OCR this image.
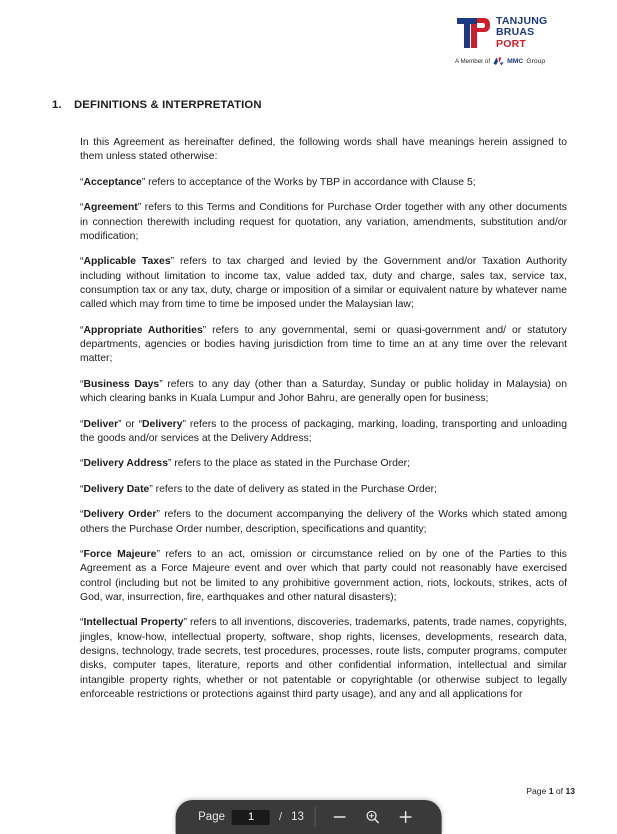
TANJUNG
BRUAS
PORT
A Member of	MMC Group
1. DEFINITIONS & INTERPRETATION

In this Agreement as hereinafter defined, the following words shall have meanings herein assigned to them unless stated otherwise:

“Acceptance” refers to acceptance of the Works by TBP in accordance with Clause 5;

“Agreement” refers to this Terms and Conditions for Purchase Order together with any other documents in connection therewith including request for quotation, any variation, amendments, substitution and/or modification;

“Applicable Taxes” refers to tax charged and levied by the Government and/or Taxation Authority including without limitation to income tax, value added tax, duty and charge, sales tax, service tax, consumption tax or any tax, duty, charge or imposition of a similar or equivalent nature by whatever name called which may from time to time be imposed under the Malaysian law;

“Appropriate Authorities” refers to any governmental, semi or quasi-government and/ or statutory departments, agencies or bodies having jurisdiction from time to time an at any time over the relevant matter;

“Business Days” refers to any day (other than a Saturday, Sunday or public holiday in Malaysia) on which clearing banks in Kuala Lumpur and Johor Bahru, are generally open for business;

“Deliver” or “Delivery” refers to the process of packaging, marking, loading, transporting and unloading the goods and/or services at the Delivery Address;

“Delivery Address” refers to the place as stated in the Purchase Order;

“Delivery Date” refers to the date of delivery as stated in the Purchase Order;

“Delivery Order” refers to the document accompanying the delivery of the Works which stated among others the Purchase Order number, description, specifications and quantity;

“Force Majeure” refers to an act, omission or circumstance relied on by one of the Parties to this Agreement as a Force Majeure event and over which that party could not reasonably have exercised control (including but not be limited to any prohibitive government action, riots, lockouts, strikes, acts of God, war, insurrection, fire, earthquakes and other natural disasters);

“Intellectual Property” refers to all inventions, discoveries, trademarks, patents, trade names, copyrights, jingles, know-how, intellectual property, software, shop rights, licenses, developments, research data, designs, technology, trade secrets, test procedures, processes, route lists, computer programs, computer disks, computer tapes, literature, reports and other confidential information, intellectual and similar intangible property rights, whether or not patentable or copyrightable (or otherwise subject to legally enforceable restrictions or protections against third party usage), and any and all applications for

Page 1 of 13
Page
1	/ 13
